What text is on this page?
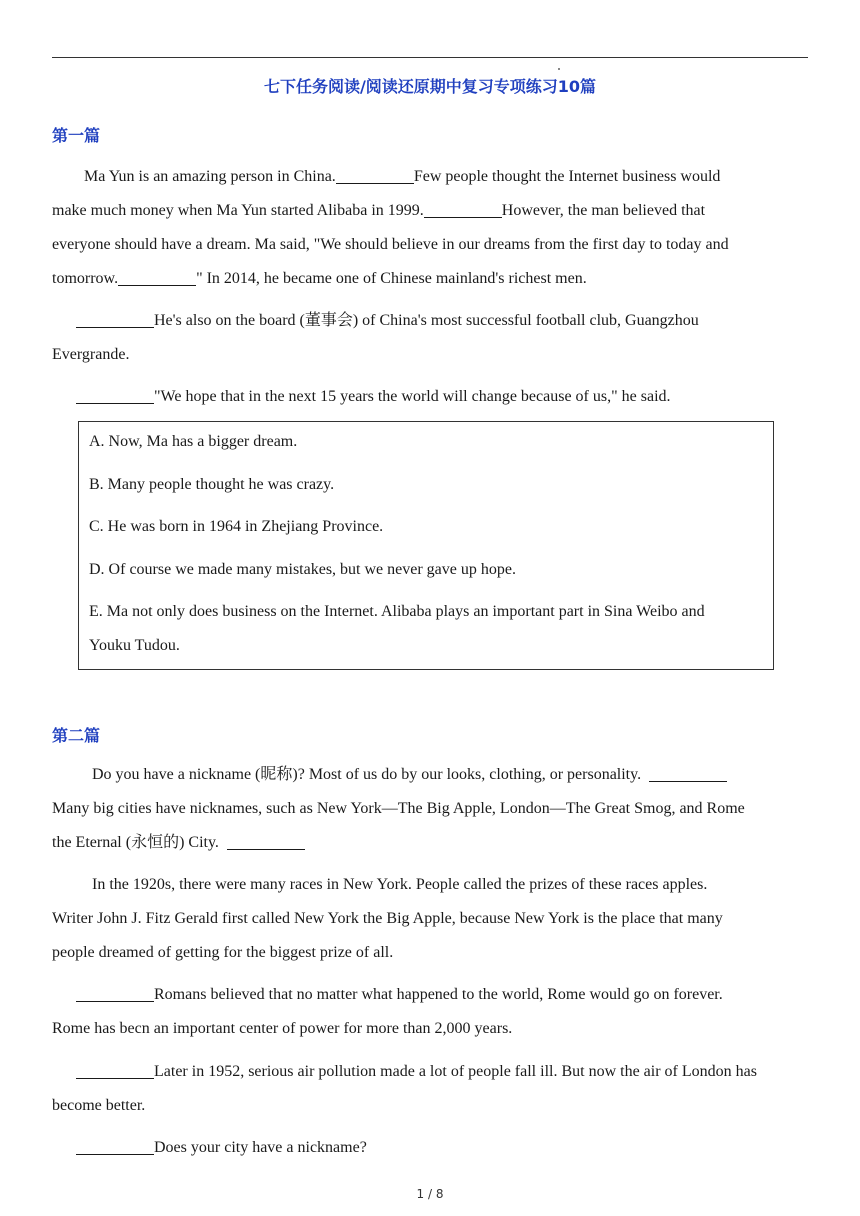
七下任务阅读/阅读还原期中复习专项练习10篇
第一篇
Ma Yun is an amazing person in China.	Few people thought the Internet business would
make much money when Ma Yun started Alibaba in 1999.	However, the man believed that
everyone should have a dream. Ma said, "We should believe in our dreams from the first day to today and
tomorrow.	" In 2014, he became one of Chinese mainland's richest men.
He's also on the board (董事会) of China's most successful football club, Guangzhou
Evergrande.
"We hope that in the next 15 years the world will change because of us," he said.
A. Now, Ma has a bigger dream.
B. Many people thought he was crazy.
C. He was born in 1964 in Zhejiang Province.
D. Of course we made many mistakes, but we never gave up hope.
E. Ma not only does business on the Internet. Alibaba plays an important part in Sina Weibo and
Youku Tudou.
第二篇
Do you have a nickname (昵称)? Most of us do by our looks, clothing, or personality.
Many big cities have nicknames, such as New York—The Big Apple, London—The Great Smog, and Rome
the Eternal (永恒的) City.
In the 1920s, there were many races in New York. People called the prizes of these races apples.
Writer John J. Fitz Gerald first called New York the Big Apple, because New York is the place that many
people dreamed of getting for the biggest prize of all.
Romans believed that no matter what happened to the world, Rome would go on forever.
Rome has becn an important center of power for more than 2,000 years.
Later in 1952, serious air pollution made a lot of people fall ill. But now the air of London has
become better.
Does your city have a nickname?
1 / 8
